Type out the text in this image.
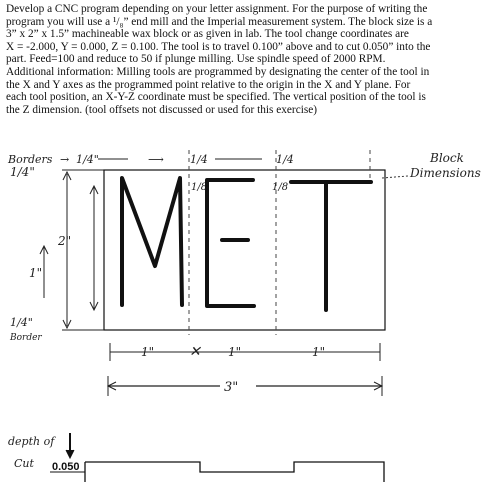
Develop a CNC program depending on your letter assignment. For the purpose of writing the
program you will use a ¹/₈” end mill and the Imperial measurement system. The block size is a
3” x 2” x 1.5” machineable wax block or as given in lab. The tool change coordinates are
X = -2.000, Y = 0.000, Z = 0.100. The tool is to travel 0.100” above and to cut 0.050” into the
part. Feed=100 and reduce to 50 if plunge milling. Use spindle speed of 2000 RPM.
Additional information: Milling tools are programmed by designating the center of the tool in
the X and Y axes as the programmed point relative to the origin in the X and Y plane. For
each tool position, an X-Y-Z coordinate must be specified. The vertical position of the tool is
the Z dimension. (tool offsets not discussed or used for this exercise)
Borders → 1/4"	⟶ 1/4	1/4	Block
Dimensions
1/4"
1/8	1/8
2"
1"
1/4"
Border
1" ✕ 1"	1"
3"
depth of
Cut 0.050
